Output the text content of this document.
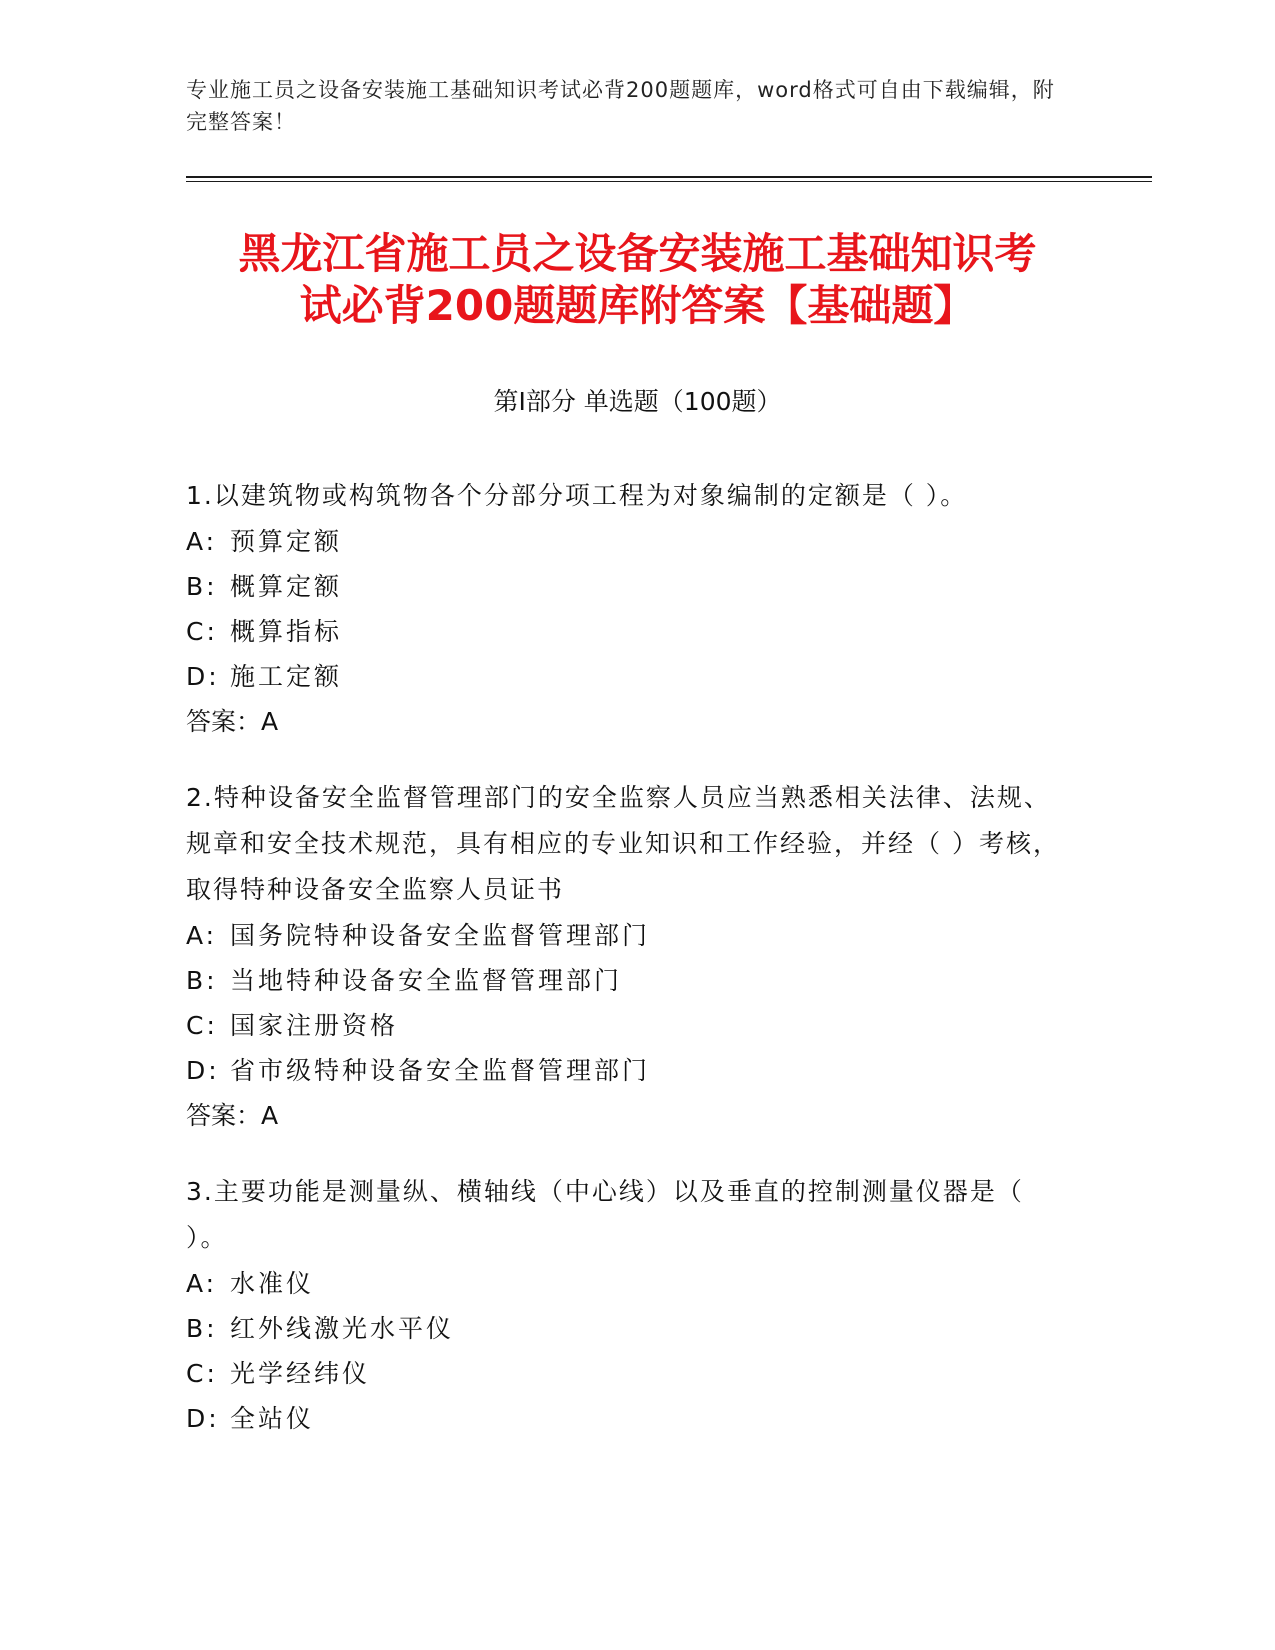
专业施工员之设备安装施工基础知识考试必背200题题库，word格式可自由下载编辑，附完整答案！
黑龙江省施工员之设备安装施工基础知识考
试必背200题题库附答案【基础题】
第Ⅰ部分 单选题（100题）

1.以建筑物或构筑物各个分部分项工程为对象编制的定额是（ ）。

A: 预算定额

B: 概算定额

C: 概算指标

D: 施工定额

答案：A

2.特种设备安全监督管理部门的安全监察人员应当熟悉相关法律、法规、规章和安全技术规范，具有相应的专业知识和工作经验，并经（ ）考核，取得特种设备安全监察人员证书

A: 国务院特种设备安全监督管理部门

B: 当地特种设备安全监督管理部门

C: 国家注册资格

D: 省市级特种设备安全监督管理部门

答案：A

3.主要功能是测量纵、横轴线（中心线）以及垂直的控制测量仪器是（ ）。

A: 水准仪

B: 红外线激光水平仪

C: 光学经纬仪

D: 全站仪
